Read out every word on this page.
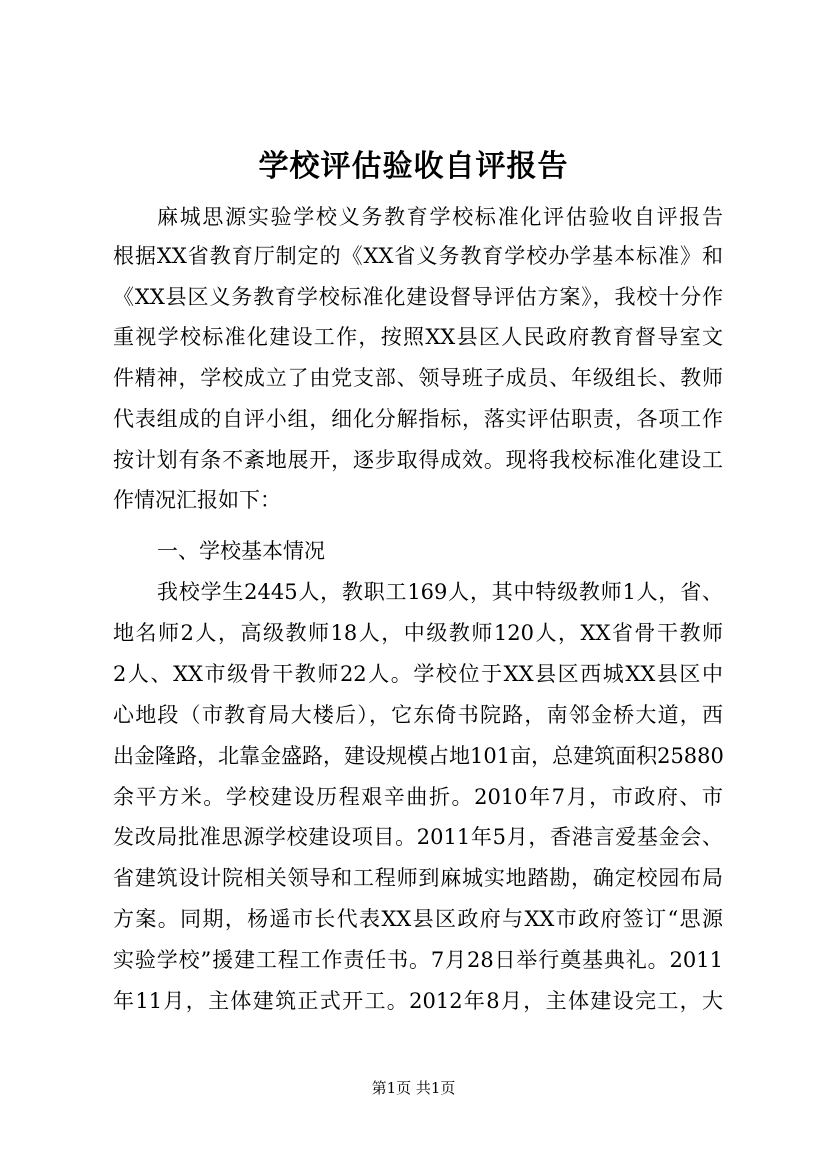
学校评估验收自评报告
麻城思源实验学校义务教育学校标准化评估验收自评报告
根据XX省教育厅制定的《XX省义务教育学校办学基本标准》和
《XX县区义务教育学校标准化建设督导评估方案》，我校十分作
重视学校标准化建设工作，按照XX县区人民政府教育督导室文
件精神，学校成立了由党支部、领导班子成员、年级组长、教师
代表组成的自评小组，细化分解指标，落实评估职责，各项工作
按计划有条不紊地展开，逐步取得成效。现将我校标准化建设工
作情况汇报如下：
一、学校基本情况
我校学生2445人，教职工169人，其中特级教师1人，省、
地名师2人，高级教师18人，中级教师120人，XX省骨干教师
2人、XX市级骨干教师22人。学校位于XX县区西城XX县区中
心地段（市教育局大楼后），它东倚书院路，南邻金桥大道，西
出金隆路，北靠金盛路，建设规模占地101亩，总建筑面积25880
余平方米。学校建设历程艰辛曲折。2010年7月，市政府、市
发改局批准思源学校建设项目。2011年5月，香港言爱基金会、
省建筑设计院相关领导和工程师到麻城实地踏勘，确定校园布局
方案。同期，杨遥市长代表XX县区政府与XX市政府签订“思源
实验学校”援建工程工作责任书。7月28日举行奠基典礼。2011
年11月，主体建筑正式开工。2012年8月，主体建设完工，大
第1页 共1页
